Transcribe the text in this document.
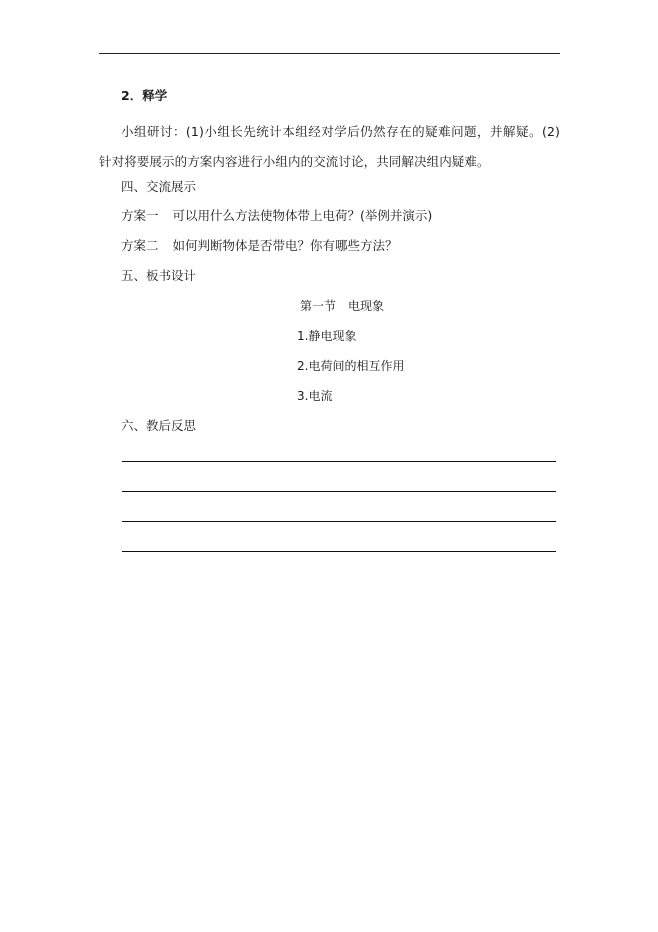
2．释学
小组研讨：(1)小组长先统计本组经对学后仍然存在的疑难问题，并解疑。(2)针对将要展示的方案内容进行小组内的交流讨论，共同解决组内疑难。
四、交流展示
方案一 可以用什么方法使物体带上电荷？(举例并演示)
方案二 如何判断物体是否带电？你有哪些方法？
五、板书设计
第一节　电现象
1.静电现象
2.电荷间的相互作用
3.电流
六、教后反思
